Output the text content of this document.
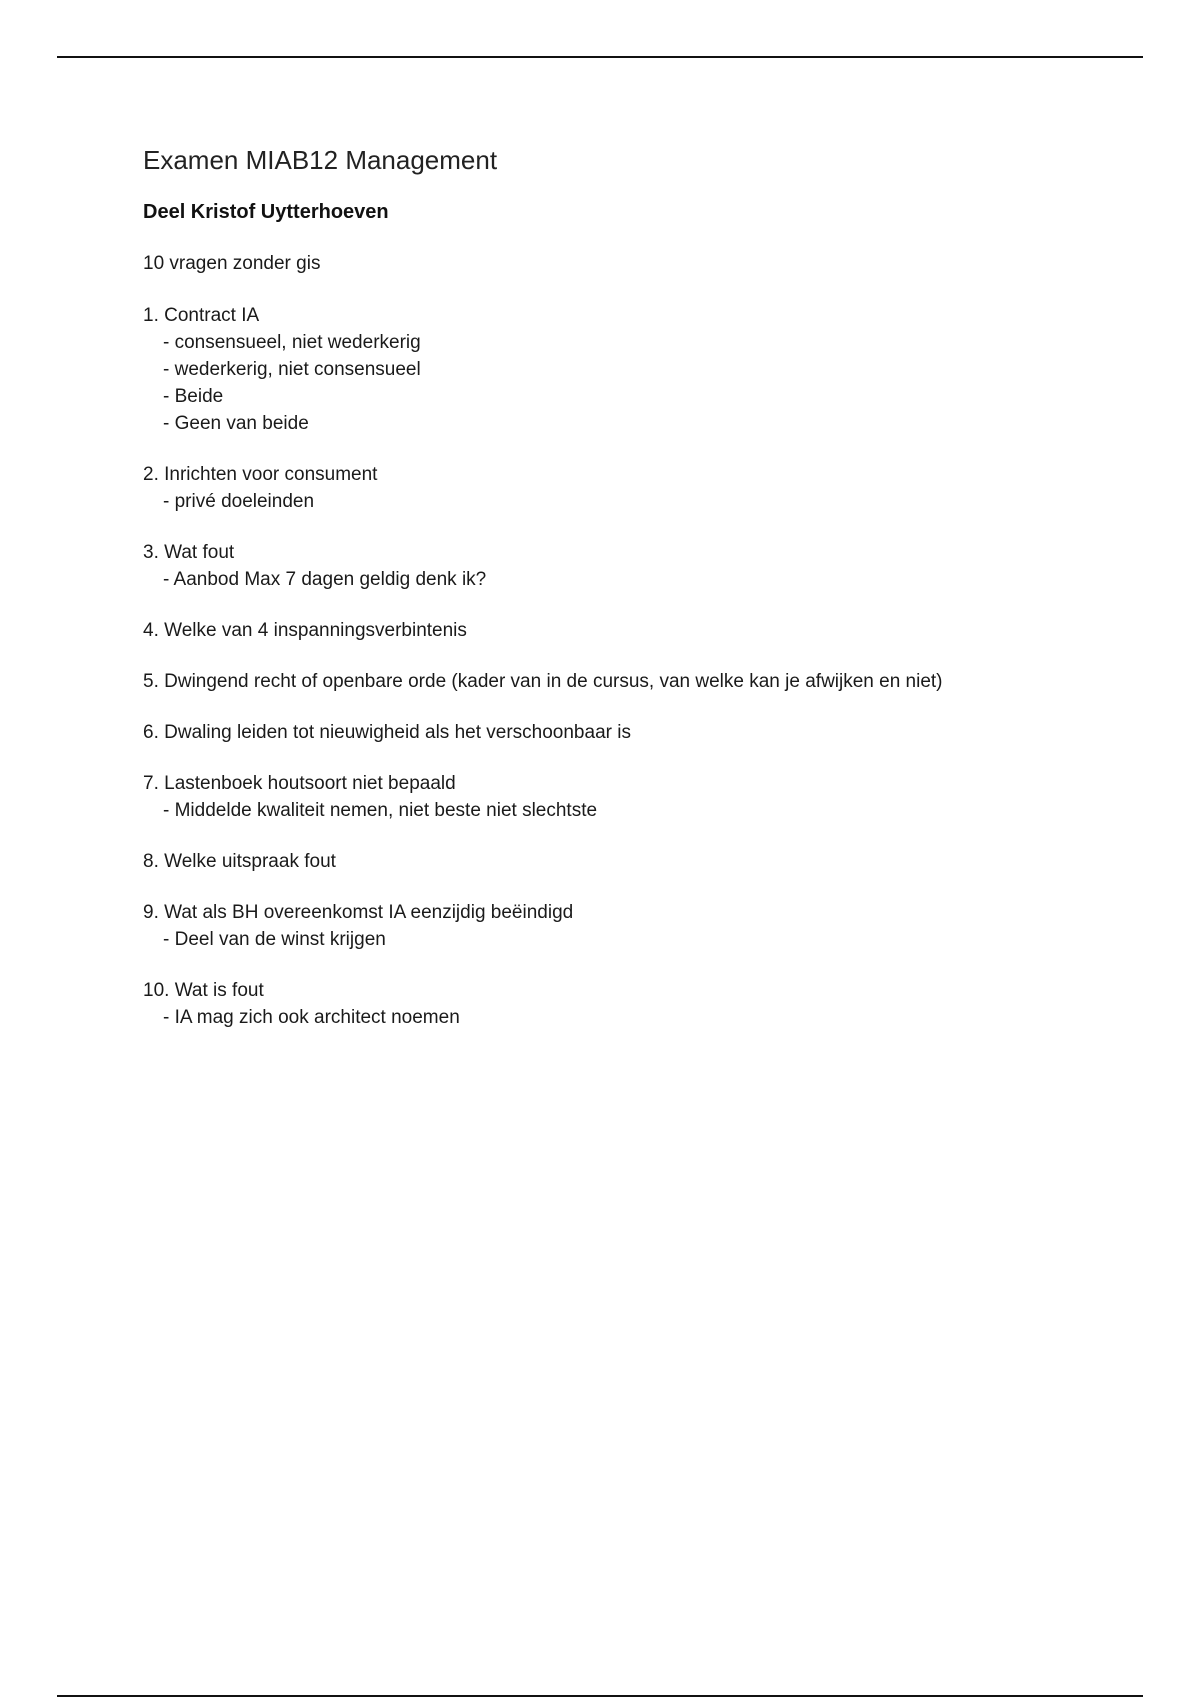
Examen MIAB12 Management
Deel Kristof Uytterhoeven

10 vragen zonder gis

1. Contract IA
- consensueel, niet wederkerig
- wederkerig, niet consensueel
- Beide
- Geen van beide
2. Inrichten voor consument
- privé doeleinden
3. Wat fout
- Aanbod Max 7 dagen geldig denk ik?
4. Welke van 4 inspanningsverbintenis
5. Dwingend recht of openbare orde (kader van in de cursus, van welke kan je afwijken en niet)
6. Dwaling leiden tot nieuwigheid als het verschoonbaar is
7. Lastenboek houtsoort niet bepaald
- Middelde kwaliteit nemen, niet beste niet slechtste
8. Welke uitspraak fout
9. Wat als BH overeenkomst IA eenzijdig beëindigd
- Deel van de winst krijgen
10. Wat is fout
- IA mag zich ook architect noemen
